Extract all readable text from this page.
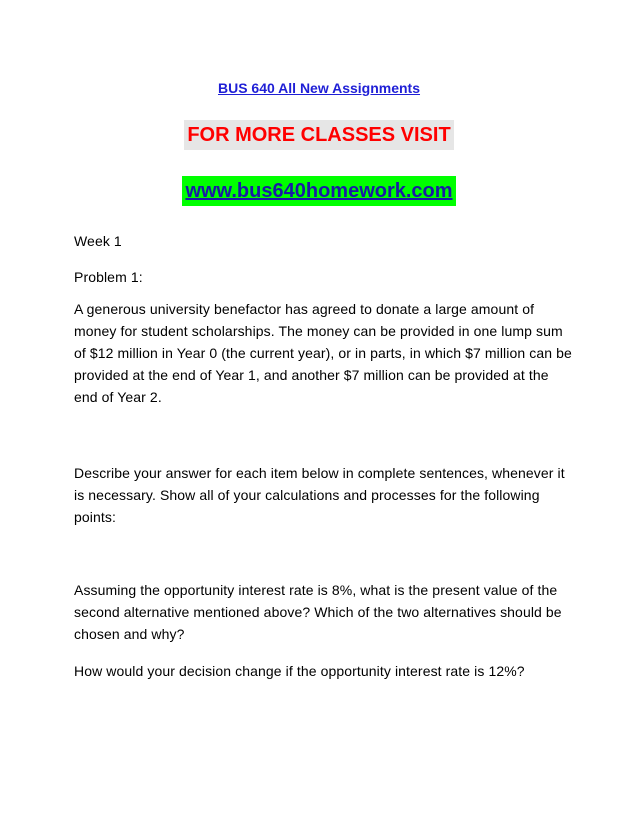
BUS 640 All New Assignments
FOR MORE CLASSES VISIT
www.bus640homework.com

Week 1

Problem 1:

A generous university benefactor has agreed to donate a large amount of money for student scholarships. The money can be provided in one lump sum of $12 million in Year 0 (the current year), or in parts, in which $7 million can be provided at the end of Year 1, and another $7 million can be provided at the end of Year 2.

Describe your answer for each item below in complete sentences, whenever it is necessary. Show all of your calculations and processes for the following points:

Assuming the opportunity interest rate is 8%, what is the present value of the second alternative mentioned above? Which of the two alternatives should be chosen and why?

How would your decision change if the opportunity interest rate is 12%?
